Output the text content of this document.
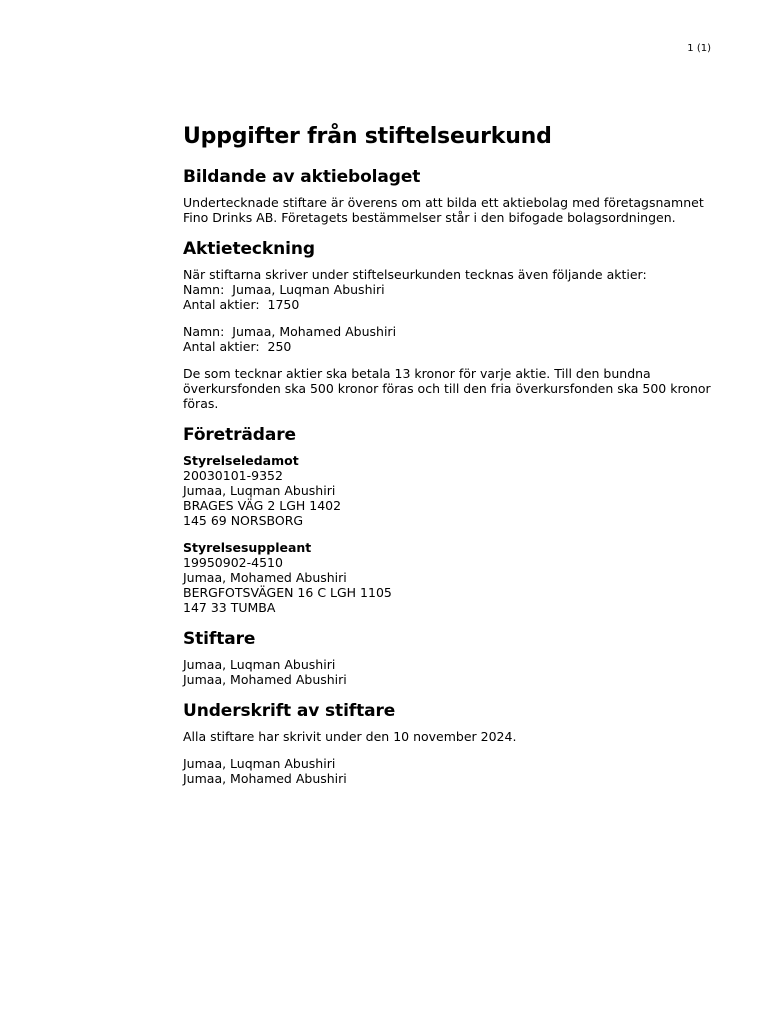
1 (1)
Uppgifter från stiftelseurkund
Bildande av aktiebolaget

Undertecknade stiftare är överens om att bilda ett aktiebolag med företagsnamnet Fino Drinks AB. Företagets bestämmelser står i den bifogade bolagsordningen.

Aktieteckning

När stiftarna skriver under stiftelseurkunden tecknas även följande aktier:
Namn:  Jumaa, Luqman Abushiri
Antal aktier:  1750

Namn:  Jumaa, Mohamed Abushiri
Antal aktier:  250

De som tecknar aktier ska betala 13 kronor för varje aktie. Till den bundna överkursfonden ska 500 kronor föras och till den fria överkursfonden ska 500 kronor föras.

Företrädare

Styrelseledamot
20030101-9352
Jumaa, Luqman Abushiri
BRAGES VÄG 2 LGH 1402
145 69 NORSBORG

Styrelsesuppleant
19950902-4510
Jumaa, Mohamed Abushiri
BERGFOTSVÄGEN 16 C LGH 1105
147 33 TUMBA

Stiftare

Jumaa, Luqman Abushiri
Jumaa, Mohamed Abushiri

Underskrift av stiftare

Alla stiftare har skrivit under den 10 november 2024.

Jumaa, Luqman Abushiri
Jumaa, Mohamed Abushiri
